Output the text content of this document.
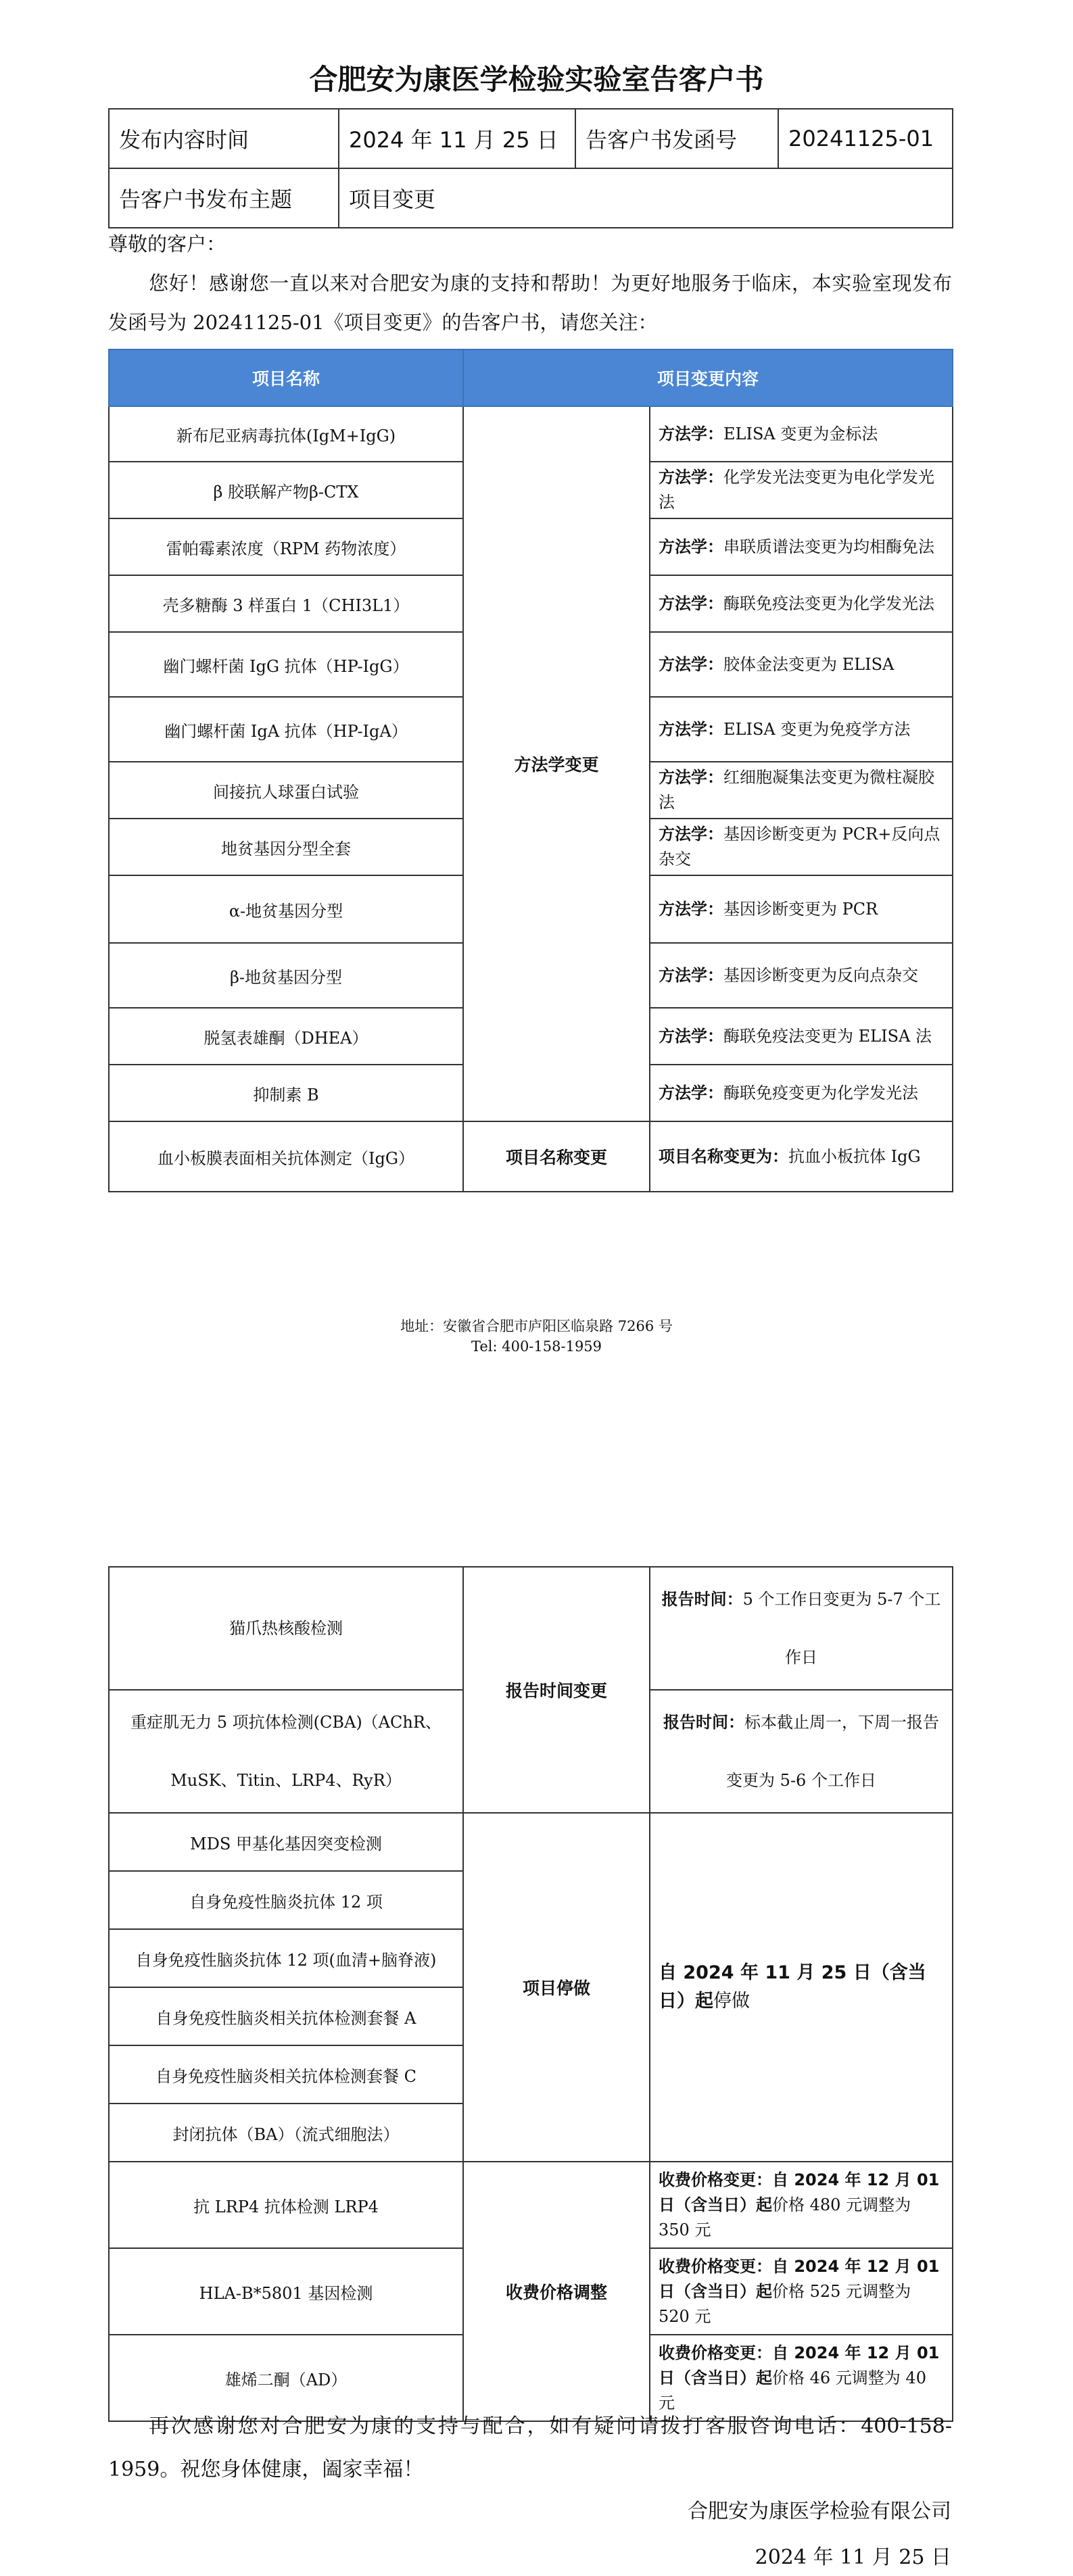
合肥安为康医学检验实验室告客户书
发布内容时间	2024 年 11 月 25 日	告客户书发函号	20241125-01
告客户书发布主题	项目变更		
尊敬的客户：
您好！感谢您一直以来对合肥安为康的支持和帮助！为更好地服务于临床，本实验室现发布发函号为 20241125-01《项目变更》的告客户书，请您关注：
项目名称	项目变更内容	
新布尼亚病毒抗体(IgM+IgG)	方法学变更	方法学：ELISA 变更为金标法
β 胶联解产物β-CTX		方法学：化学发光法变更为电化学发光法
雷帕霉素浓度（RPM 药物浓度）		方法学：串联质谱法变更为均相酶免法
壳多糖酶 3 样蛋白 1（CHI3L1）		方法学：酶联免疫法变更为化学发光法
幽门螺杆菌 IgG 抗体（HP-IgG）		方法学：胶体金法变更为 ELISA
幽门螺杆菌 IgA 抗体（HP-IgA）		方法学：ELISA 变更为免疫学方法
间接抗人球蛋白试验		方法学：红细胞凝集法变更为微柱凝胶法
地贫基因分型全套		方法学：基因诊断变更为 PCR+反向点杂交
α-地贫基因分型		方法学：基因诊断变更为 PCR
β-地贫基因分型		方法学：基因诊断变更为反向点杂交
脱氢表雄酮（DHEA）		方法学：酶联免疫法变更为 ELISA 法
抑制素 B		方法学：酶联免疫变更为化学发光法
血小板膜表面相关抗体测定（IgG）	项目名称变更	项目名称变更为：抗血小板抗体 IgG
地址：安徽省合肥市庐阳区临泉路 7266 号
Tel: 400-158-1959
猫爪热核酸检测	报告时间变更	报告时间：5 个工作日变更为 5-7 个工作日
重症肌无力 5 项抗体检测(CBA)（AChR、MuSK、Titin、LRP4、RyR）		报告时间：标本截止周一，下周一报告变更为 5-6 个工作日
MDS 甲基化基因突变检测	项目停做	自 2024 年 11 月 25 日（含当日）起停做
自身免疫性脑炎抗体 12 项		
自身免疫性脑炎抗体 12 项(血清+脑脊液)		
自身免疫性脑炎相关抗体检测套餐 A		
自身免疫性脑炎相关抗体检测套餐 C		
封闭抗体（BA）（流式细胞法）		
抗 LRP4 抗体检测 LRP4	收费价格调整	收费价格变更：自 2024 年 12 月 01 日（含当日）起价格 480 元调整为 350 元
HLA-B*5801 基因检测		收费价格变更：自 2024 年 12 月 01 日（含当日）起价格 525 元调整为 520 元
雄烯二酮（AD）		收费价格变更：自 2024 年 12 月 01 日（含当日）起价格 46 元调整为 40 元
再次感谢您对合肥安为康的支持与配合，如有疑问请拨打客服咨询电话：400-158-1959。祝您身体健康，阖家幸福！
合肥安为康医学检验有限公司
2024 年 11 月 25 日
